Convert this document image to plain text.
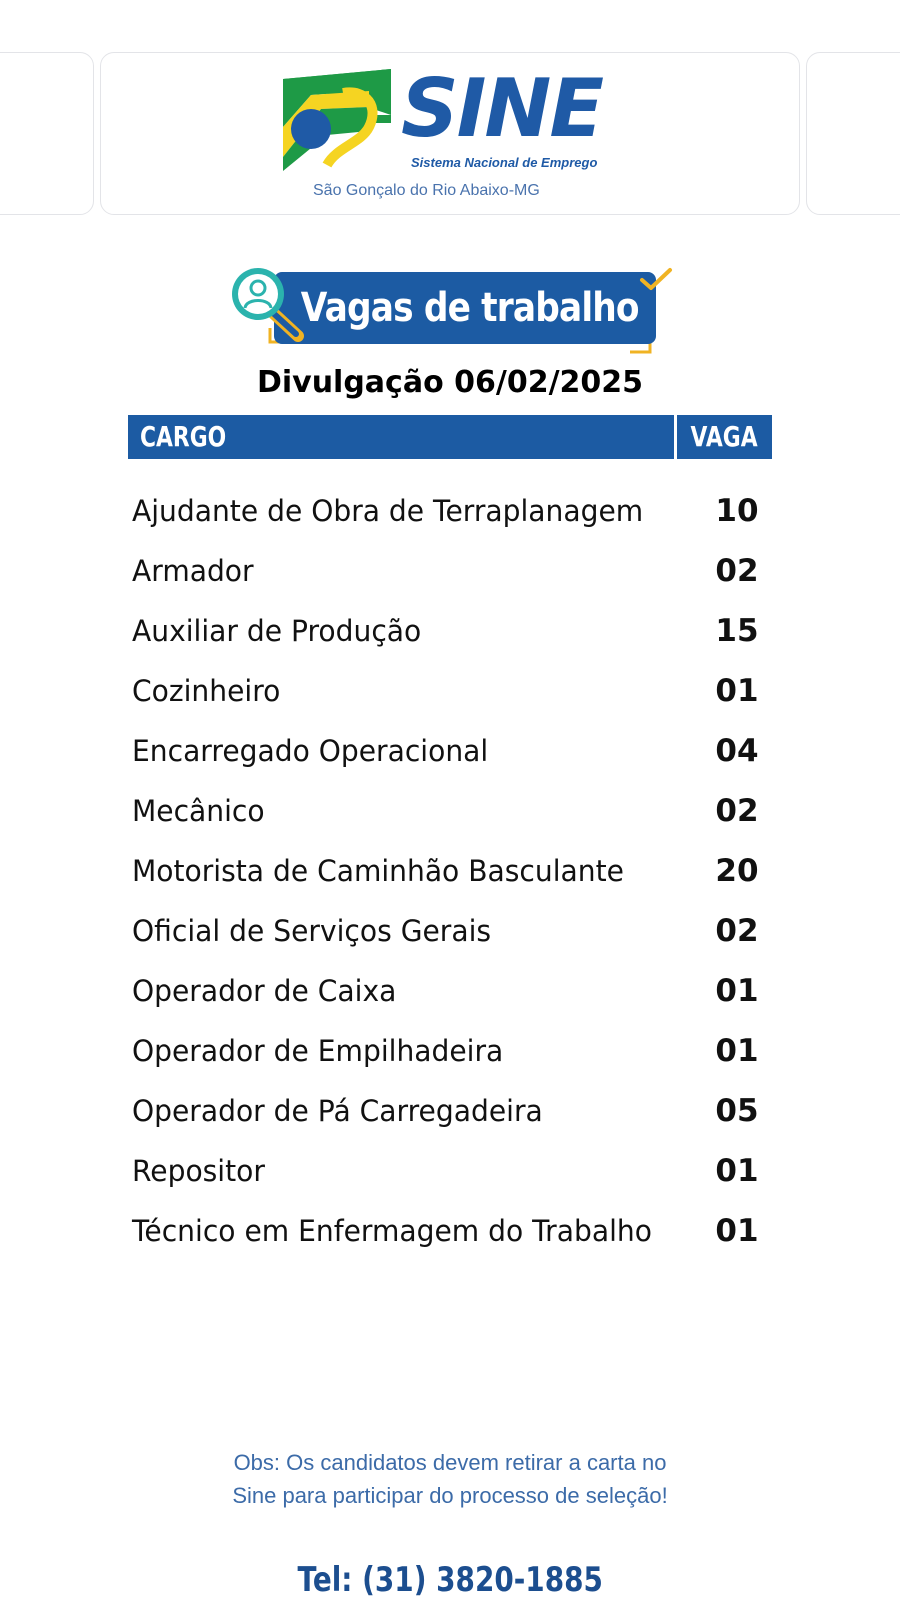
SINE
Sistema Nacional de Emprego
São Gonçalo do Rio Abaixo-MG
Vagas de trabalho
Divulgação 06/02/2025
CARGO	VAGA
Ajudante de Obra de Terraplanagem 10
Armador	02
Auxiliar de Produção	15
Cozinheiro	01
Encarregado Operacional	04
Mecânico	02
Motorista de Caminhão Basculante	20
Oficial de Serviços Gerais	02
Operador de Caixa	01
Operador de Empilhadeira	01
Operador de Pá Carregadeira	05
Repositor	01
Técnico em Enfermagem do Trabalho 01
Obs: Os candidatos devem retirar a carta no
Sine para participar do processo de seleção!
Tel: (31) 3820-1885
